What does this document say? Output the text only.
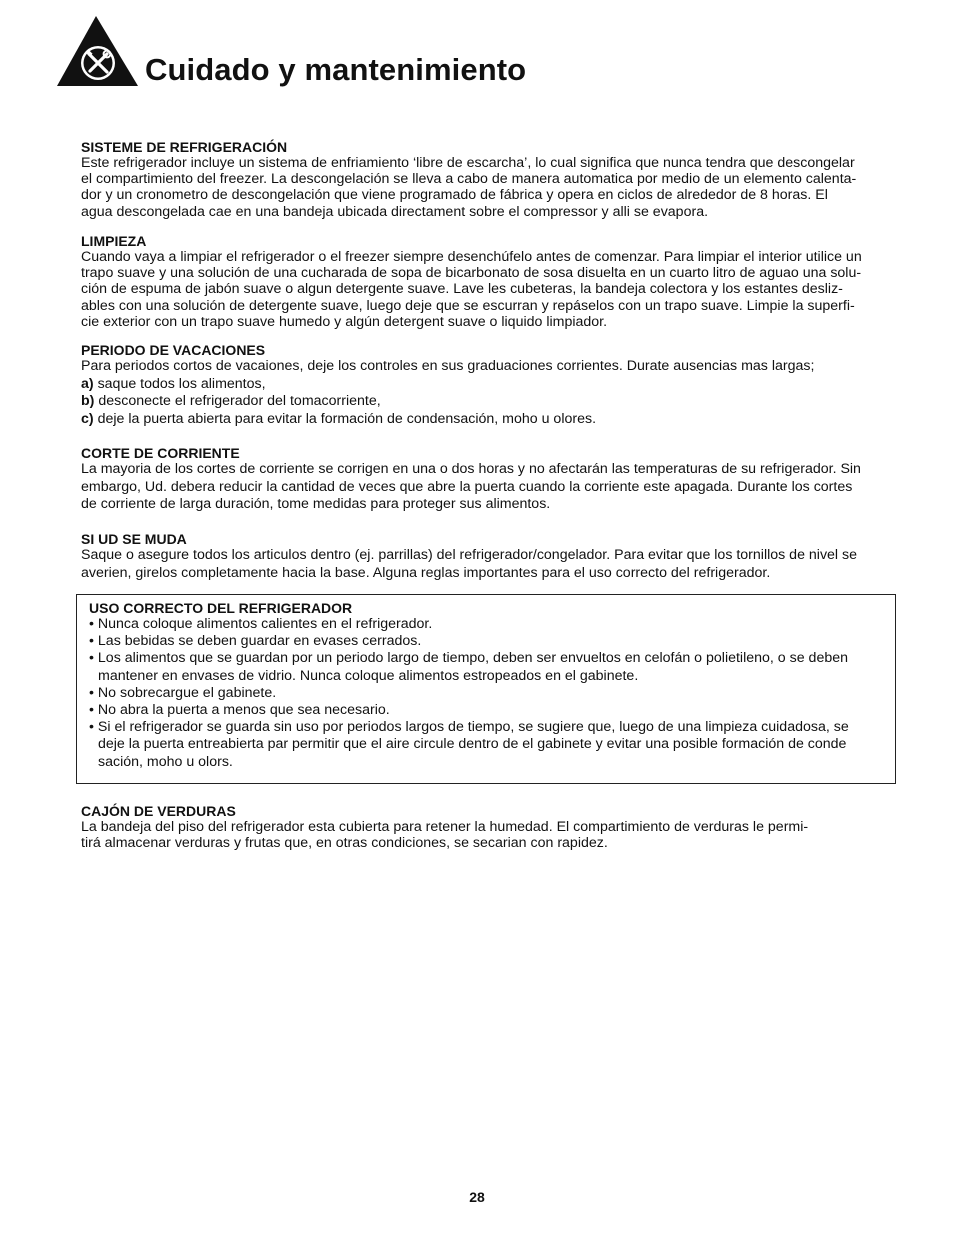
Cuidado y mantenimiento
SISTEME DE REFRIGERACIÓN

Este refrigerador incluye un sistema de enfriamiento ‘libre de escarcha’, lo cual significa que nunca tendra que descongelar
el compartimiento del freezer. La descongelación se lleva a cabo de manera automatica por medio de un elemento calenta-
dor y un cronometro de descongelación que viene programado de fábrica y opera en ciclos de alrededor de 8 horas. El
agua descongelada cae en una bandeja ubicada directament sobre el compressor y alli se evapora.

LIMPIEZA

Cuando vaya a limpiar el refrigerador o el freezer siempre desenchúfelo antes de comenzar. Para limpiar el interior utilice un
trapo suave y una solución de una cucharada de sopa de bicarbonato de sosa disuelta en un cuarto litro de aguao una solu-
ción de espuma de jabón suave o algun detergente suave. Lave les cubeteras, la bandeja colectora y los estantes desliz-
ables con una solución de detergente suave, luego deje que se escurran y repáselos con un trapo suave. Limpie la superfi-
cie exterior con un trapo suave humedo y algún detergent suave o liquido limpiador.

PERIODO DE VACACIONES

Para periodos cortos de vacaiones, deje los controles en sus graduaciones corrientes. Durate ausencias mas largas;
a) saque todos los alimentos,
b) desconecte el refrigerador del tomacorriente,
c) deje la puerta abierta para evitar la formación de condensación, moho u olores.

CORTE DE CORRIENTE

La mayoria de los cortes de corriente se corrigen en una o dos horas y no afectarán las temperaturas de su refrigerador. Sin
embargo, Ud. debera reducir la cantidad de veces que abre la puerta cuando la corriente este apagada. Durante los cortes
de corriente de larga duración, tome medidas para proteger sus alimentos.

SI UD SE MUDA

Saque o asegure todos los articulos dentro (ej. parrillas) del refrigerador/congelador. Para evitar que los tornillos de nivel se
averien, girelos completamente hacia la base. Alguna reglas importantes para el uso correcto del refrigerador.

USO CORRECTO DEL REFRIGERADOR
• Nunca coloque alimentos calientes en el refrigerador.
• Las bebidas se deben guardar en evases cerrados.
• Los alimentos que se guardan por un periodo largo de tiempo, deben ser envueltos en celofán o polietileno, o se deben
mantener en envases de vidrio. Nunca coloque alimentos estropeados en el gabinete.
• No sobrecargue el gabinete.
• No abra la puerta a menos que sea necesario.
• Si el refrigerador se guarda sin uso por periodos largos de tiempo, se sugiere que, luego de una limpieza cuidadosa, se
deje la puerta entreabierta par permitir que el aire circule dentro de el gabinete y evitar una posible formación de conde
sación, moho u olors.
CAJÓN DE VERDURAS

La bandeja del piso del refrigerador esta cubierta para retener la humedad. El compartimiento de verduras le permi-
tirá almacenar verduras y frutas que, en otras condiciones, se secarian con rapidez.

28
